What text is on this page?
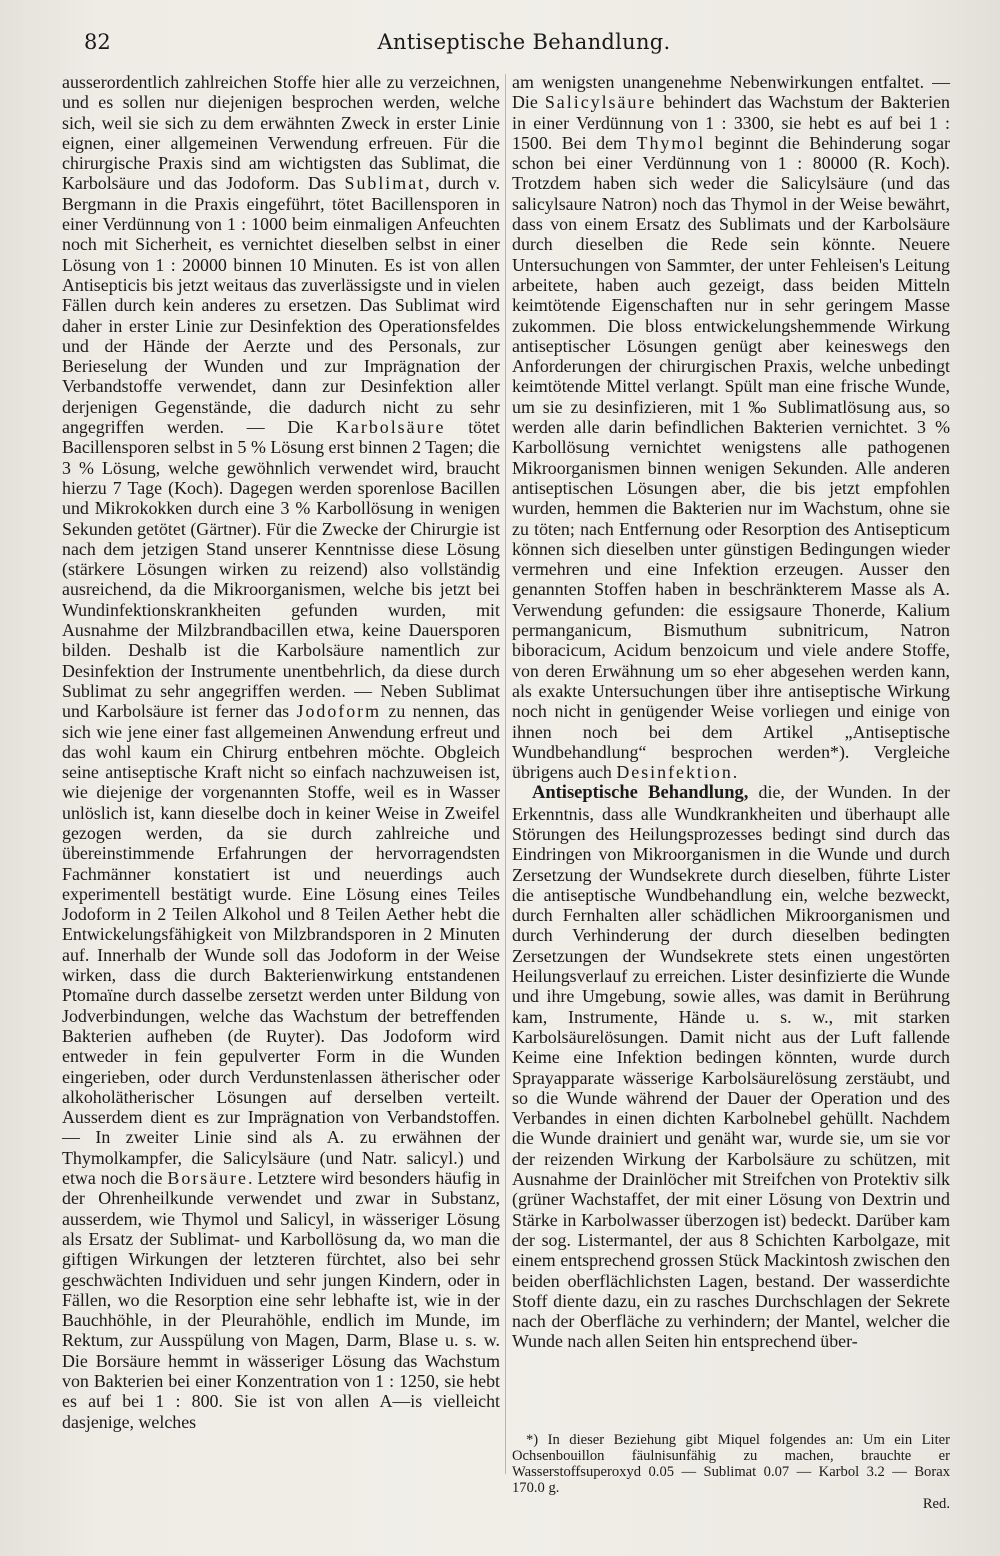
82	Antiseptische Behandlung.

ausserordentlich zahlreichen Stoffe hier alle zu verzeichnen, und es sollen nur diejenigen besprochen werden, welche sich, weil sie sich zu dem erwähnten Zweck in erster Linie eignen, einer allgemeinen Verwendung erfreuen. Für die chirurgische Praxis sind am wichtigsten das Sublimat, die Karbolsäure und das Jodoform. Das Sublimat, durch v. Bergmann in die Praxis eingeführt, tötet Bacillensporen in einer Verdünnung von 1 : 1000 beim einmaligen Anfeuchten noch mit Sicherheit, es vernichtet dieselben selbst in einer Lösung von 1 : 20000 binnen 10 Minuten. Es ist von allen Antisepticis bis jetzt weitaus das zuverlässigste und in vielen Fällen durch kein anderes zu ersetzen. Das Sublimat wird daher in erster Linie zur Desinfektion des Operationsfeldes und der Hände der Aerzte und des Personals, zur Berieselung der Wunden und zur Imprägnation der Verbandstoffe verwendet, dann zur Desinfektion aller derjenigen Gegenstände, die dadurch nicht zu sehr angegriffen werden. — Die Karbolsäure tötet Bacillensporen selbst in 5 % Lösung erst binnen 2 Tagen; die 3 % Lösung, welche gewöhnlich verwendet wird, braucht hierzu 7 Tage (Koch). Dagegen werden sporenlose Bacillen und Mikrokokken durch eine 3 % Karbollösung in wenigen Sekunden getötet (Gärtner). Für die Zwecke der Chirurgie ist nach dem jetzigen Stand unserer Kenntnisse diese Lösung (stärkere Lösungen wirken zu reizend) also vollständig ausreichend, da die Mikroorganismen, welche bis jetzt bei Wundinfektionskrankheiten gefunden wurden, mit Ausnahme der Milzbrandbacillen etwa, keine Dauersporen bilden. Deshalb ist die Karbolsäure namentlich zur Desinfektion der Instrumente unentbehrlich, da diese durch Sublimat zu sehr angegriffen werden. — Neben Sublimat und Karbolsäure ist ferner das Jodoform zu nennen, das sich wie jene einer fast allgemeinen Anwendung erfreut und das wohl kaum ein Chirurg entbehren möchte. Obgleich seine antiseptische Kraft nicht so einfach nachzuweisen ist, wie diejenige der vorgenannten Stoffe, weil es in Wasser unlöslich ist, kann dieselbe doch in keiner Weise in Zweifel gezogen werden, da sie durch zahlreiche und übereinstimmende Erfahrungen der hervorragendsten Fachmänner konstatiert ist und neuerdings auch experimentell bestätigt wurde. Eine Lösung eines Teiles Jodoform in 2 Teilen Alkohol und 8 Teilen Aether hebt die Entwickelungsfähigkeit von Milzbrandsporen in 2 Minuten auf. Innerhalb der Wunde soll das Jodoform in der Weise wirken, dass die durch Bakterienwirkung entstandenen Ptomaïne durch dasselbe zersetzt werden unter Bildung von Jodverbindungen, welche das Wachstum der betreffenden Bakterien aufheben (de Ruyter). Das Jodoform wird entweder in fein gepulverter Form in die Wunden eingerieben, oder durch Verdunstenlassen ätherischer oder alkoholätherischer Lösungen auf derselben verteilt. Ausserdem dient es zur Imprägnation von Verbandstoffen. — In zweiter Linie sind als A. zu erwähnen der Thymolkampfer, die Salicylsäure (und Natr. salicyl.) und etwa noch die Borsäure. Letztere wird besonders häufig in der Ohrenheilkunde verwendet und zwar in Substanz, ausserdem, wie Thymol und Salicyl, in wässeriger Lösung als Ersatz der Sublimat- und Karbollösung da, wo man die giftigen Wirkungen der letzteren fürchtet, also bei sehr geschwächten Individuen und sehr jungen Kindern, oder in Fällen, wo die Resorption eine sehr lebhafte ist, wie in der Bauchhöhle, in der Pleurahöhle, endlich im Munde, im Rektum, zur Ausspülung von Magen, Darm, Blase u. s. w. Die Borsäure hemmt in wässeriger Lösung das Wachstum von Bakterien bei einer Konzentration von 1 : 1250, sie hebt es auf bei 1 : 800. Sie ist von allen A—is vielleicht dasjenige, welches

am wenigsten unangenehme Nebenwirkungen entfaltet. — Die Salicylsäure behindert das Wachstum der Bakterien in einer Verdünnung von 1 : 3300, sie hebt es auf bei 1 : 1500. Bei dem Thymol beginnt die Behinderung sogar schon bei einer Verdünnung von 1 : 80000 (R. Koch). Trotzdem haben sich weder die Salicylsäure (und das salicylsaure Natron) noch das Thymol in der Weise bewährt, dass von einem Ersatz des Sublimats und der Karbolsäure durch dieselben die Rede sein könnte. Neuere Untersuchungen von Sammter, der unter Fehleisen's Leitung arbeitete, haben auch gezeigt, dass beiden Mitteln keimtötende Eigenschaften nur in sehr geringem Masse zukommen. Die bloss entwickelungshemmende Wirkung antiseptischer Lösungen genügt aber keineswegs den Anforderungen der chirurgischen Praxis, welche unbedingt keimtötende Mittel verlangt. Spült man eine frische Wunde, um sie zu desinfizieren, mit 1 ‰ Sublimatlösung aus, so werden alle darin befindlichen Bakterien vernichtet. 3 % Karbollösung vernichtet wenigstens alle pathogenen Mikroorganismen binnen wenigen Sekunden. Alle anderen antiseptischen Lösungen aber, die bis jetzt empfohlen wurden, hemmen die Bakterien nur im Wachstum, ohne sie zu töten; nach Entfernung oder Resorption des Antisepticum können sich dieselben unter günstigen Bedingungen wieder vermehren und eine Infektion erzeugen. Ausser den genannten Stoffen haben in beschränkterem Masse als A. Verwendung gefunden: die essigsaure Thonerde, Kalium permanganicum, Bismuthum subnitricum, Natron biboracicum, Acidum benzoicum und viele andere Stoffe, von deren Erwähnung um so eher abgesehen werden kann, als exakte Untersuchungen über ihre antiseptische Wirkung noch nicht in genügender Weise vorliegen und einige von ihnen noch bei dem Artikel „Antiseptische Wundbehandlung“ besprochen werden*). Vergleiche übrigens auch Desinfektion.

Antiseptische Behandlung, die, der Wunden. In der Erkenntnis, dass alle Wundkrankheiten und überhaupt alle Störungen des Heilungsprozesses bedingt sind durch das Eindringen von Mikroorganismen in die Wunde und durch Zersetzung der Wundsekrete durch dieselben, führte Lister die antiseptische Wundbehandlung ein, welche bezweckt, durch Fernhalten aller schädlichen Mikroorganismen und durch Verhinderung der durch dieselben bedingten Zersetzungen der Wundsekrete stets einen ungestörten Heilungsverlauf zu erreichen. Lister desinfizierte die Wunde und ihre Umgebung, sowie alles, was damit in Berührung kam, Instrumente, Hände u. s. w., mit starken Karbolsäurelösungen. Damit nicht aus der Luft fallende Keime eine Infektion bedingen könnten, wurde durch Sprayapparate wässerige Karbolsäurelösung zerstäubt, und so die Wunde während der Dauer der Operation und des Verbandes in einen dichten Karbolnebel gehüllt. Nachdem die Wunde drainiert und genäht war, wurde sie, um sie vor der reizenden Wirkung der Karbolsäure zu schützen, mit Ausnahme der Drainlöcher mit Streifchen von Protektiv silk (grüner Wachstaffet, der mit einer Lösung von Dextrin und Stärke in Karbolwasser überzogen ist) bedeckt. Darüber kam der sog. Listermantel, der aus 8 Schichten Karbolgaze, mit einem entsprechend grossen Stück Mackintosh zwischen den beiden oberflächlichsten Lagen, bestand. Der wasserdichte Stoff diente dazu, ein zu rasches Durchschlagen der Sekrete nach der Oberfläche zu verhindern; der Mantel, welcher die Wunde nach allen Seiten hin entsprechend über-

*) In dieser Beziehung gibt Miquel folgendes an: Um ein Liter Ochsenbouillon fäulnisunfähig zu machen, brauchte er Wasserstoffsuperoxyd 0.05 — Sublimat 0.07 — Karbol 3.2 — Borax 170.0 g.

Red.
